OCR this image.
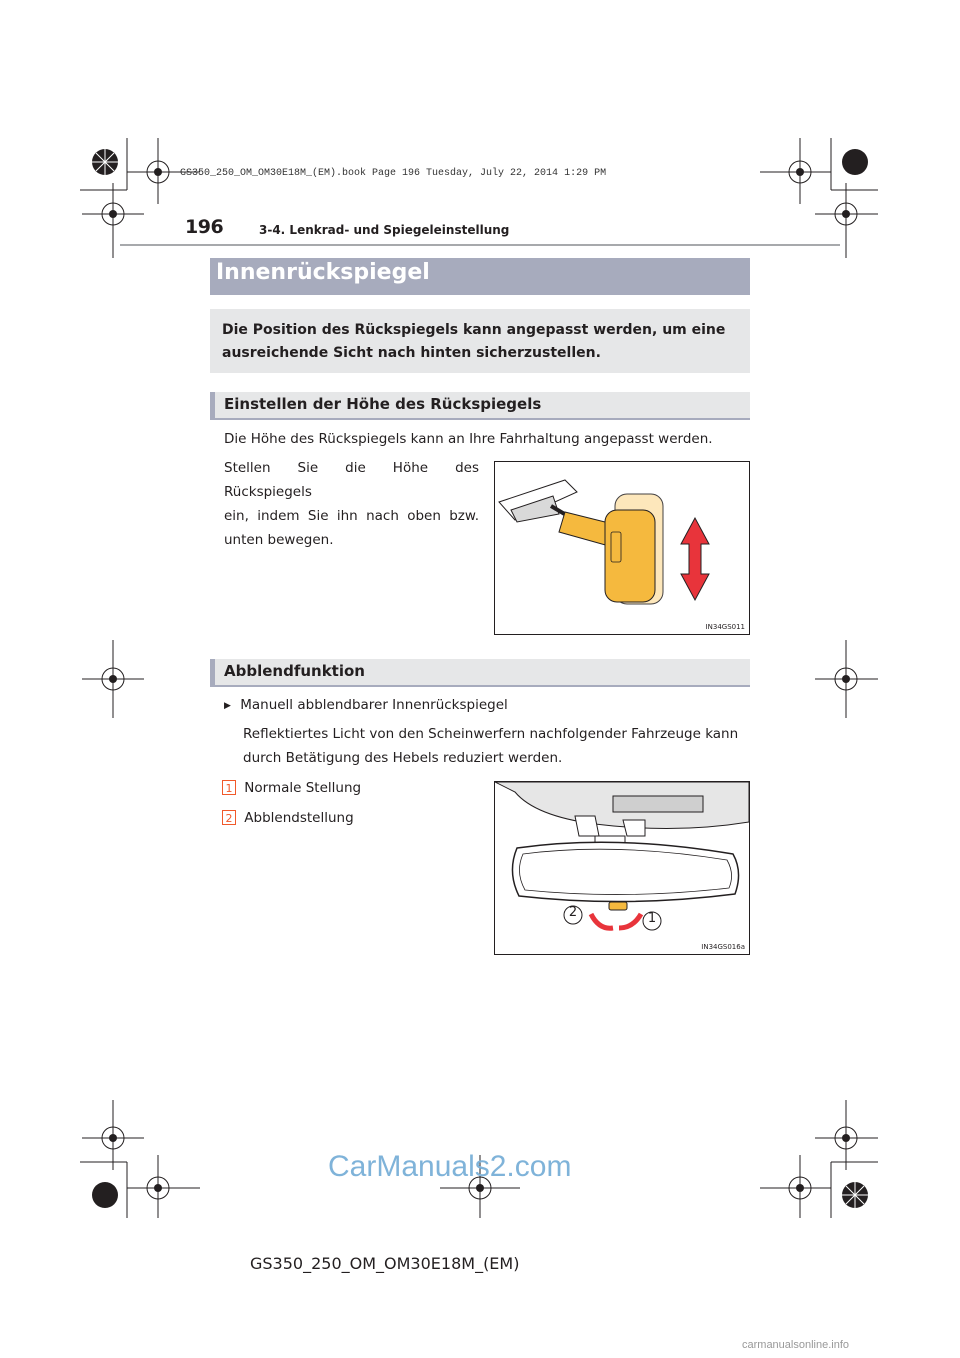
GS350_250_OM_OM30E18M_(EM).book Page 196 Tuesday, July 22, 2014 1:29 PM
196	3-4. Lenkrad- und Spiegeleinstellung
Innenrückspiegel
Die Position des Rückspiegels kann angepasst werden, um eine ausreichende Sicht nach hinten sicherzustellen.
Einstellen der Höhe des Rückspiegels
Die Höhe des Rückspiegels kann an Ihre Fahrhaltung angepasst werden.
Stellen Sie die Höhe des Rückspiegels
ein, indem Sie ihn nach oben bzw.
unten bewegen.
IN34GS011
Abblendfunktion
▶ Manuell abblendbarer Innenrückspiegel
Reflektiertes Licht von den Scheinwerfern nachfolgender Fahrzeuge kann durch Betätigung des Hebels reduziert werden.
1 Normale Stellung
2 Abblendstellung
2	1
IN34GS016a
CarManuals2.com
GS350_250_OM_OM30E18M_(EM)
carmanualsonline.info
